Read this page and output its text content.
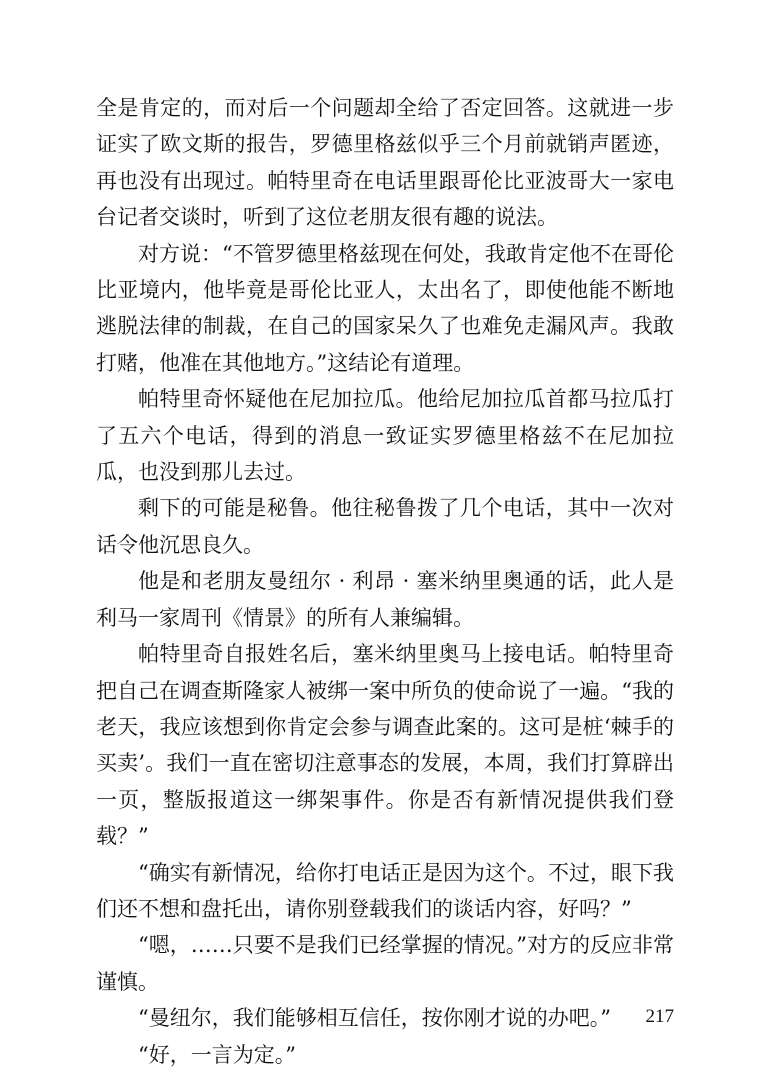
全是肯定的，而对后一个问题却全给了否定回答。这就进一步证实了欧文斯的报告，罗德里格兹似乎三个月前就销声匿迹，再也没有出现过。帕特里奇在电话里跟哥伦比亚波哥大一家电台记者交谈时，听到了这位老朋友很有趣的说法。

对方说：“不管罗德里格兹现在何处，我敢肯定他不在哥伦比亚境内，他毕竟是哥伦比亚人，太出名了，即使他能不断地逃脱法律的制裁，在自己的国家呆久了也难免走漏风声。我敢打赌，他准在其他地方。”这结论有道理。

帕特里奇怀疑他在尼加拉瓜。他给尼加拉瓜首都马拉瓜打了五六个电话，得到的消息一致证实罗德里格兹不在尼加拉瓜，也没到那儿去过。

剩下的可能是秘鲁。他往秘鲁拨了几个电话，其中一次对话令他沉思良久。

他是和老朋友曼纽尔 · 利昂 · 塞米纳里奥通的话，此人是利马一家周刊《情景》的所有人兼编辑。

帕特里奇自报姓名后，塞米纳里奥马上接电话。帕特里奇把自己在调查斯隆家人被绑一案中所负的使命说了一遍。“我的老天，我应该想到你肯定会参与调查此案的。这可是桩‘棘手的买卖’。我们一直在密切注意事态的发展，本周，我们打算辟出一页，整版报道这一绑架事件。你是否有新情况提供我们登载？”

“确实有新情况，给你打电话正是因为这个。不过，眼下我们还不想和盘托出，请你别登载我们的谈话内容，好吗？”

“嗯，……只要不是我们已经掌握的情况。”对方的反应非常谨慎。

“曼纽尔，我们能够相互信任，按你刚才说的办吧。”

“好，一言为定。”

217
